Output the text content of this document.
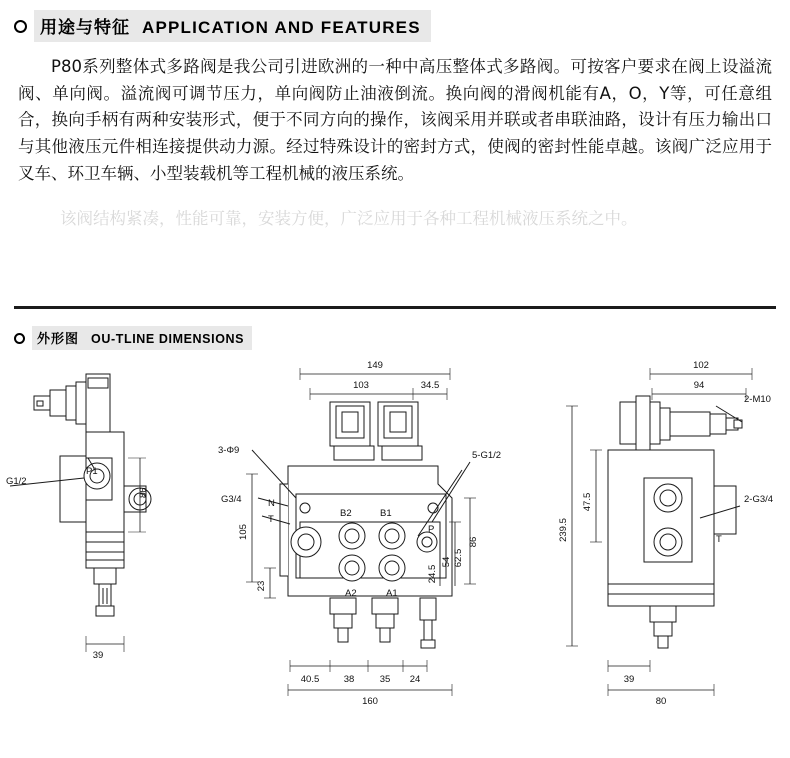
用途与特征 APPLICATION AND FEATURES
P80系列整体式多路阀是我公司引进欧洲的一种中高压整体式多路阀。可按客户要求在阀上设溢流阀、单向阀。溢流阀可调节压力，单向阀防止油液倒流。换向阀的滑阀机能有A，O，Y等，可任意组合，换向手柄有两种安装形式，便于不同方向的操作，该阀采用并联或者串联油路，设计有压力输出口与其他液压元件相连接提供动力源。经过特殊设计的密封方式，使阀的密封性能卓越。该阀广泛应用于叉车、环卫车辆、小型装载机等工程机械的液压系统。
该阀结构紧凑，性能可靠，安装方便，广泛应用于各种工程机械液压系统之中。
外形图 OU-TLINE DIMENSIONS
G1/2
P1
86
39
149
103	34.5
3-Φ9
G3/4	N
T
B2	B1
P
A2	A1
5-G1/2
105
23
86
62.5
54
24.5
40.5	38	35 24
160
102
94
2-M10
2-G3/4
T
47.5
239.5
39
80
